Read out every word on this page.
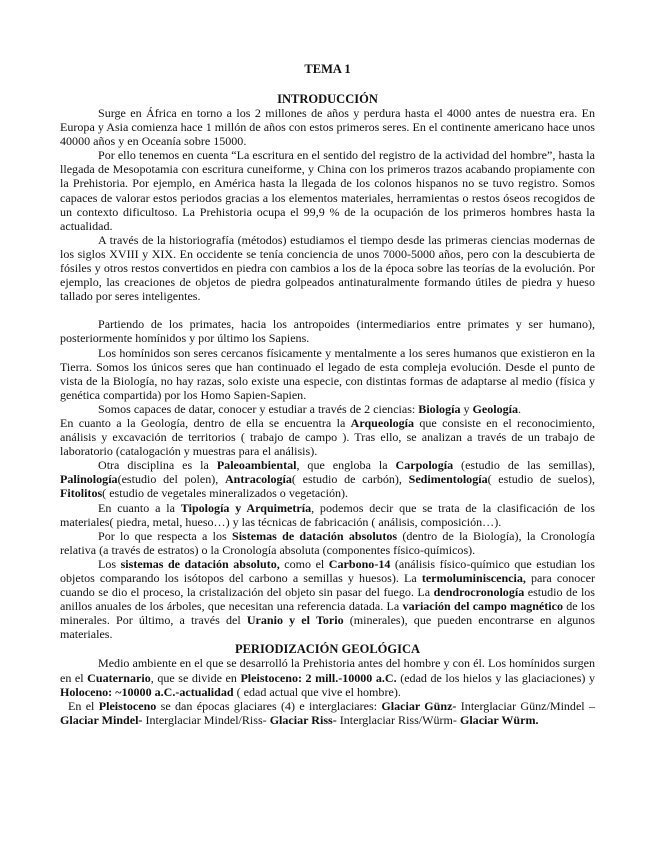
TEMA 1
INTRODUCCIÓN

Surge en África en torno a los 2 millones de años y perdura hasta el 4000 antes de nuestra era. En Europa y Asia comienza hace 1 millón de años con estos primeros seres. En el continente americano hace unos 40000 años y en Oceanía sobre 15000.

Por ello tenemos en cuenta “La escritura en el sentido del registro de la actividad del hombre”, hasta la llegada de Mesopotamia con escritura cuneiforme, y China con los primeros trazos acabando propiamente con la Prehistoria. Por ejemplo, en América hasta la llegada de los colonos hispanos no se tuvo registro. Somos capaces de valorar estos periodos gracias a los elementos materiales, herramientas o restos óseos recogidos de un contexto dificultoso. La Prehistoria ocupa el 99,9 % de la ocupación de los primeros hombres hasta la actualidad.

A través de la historiografía (métodos) estudiamos el tiempo desde las primeras ciencias modernas de los siglos XVIII y XIX. En occidente se tenía conciencia de unos 7000-5000 años, pero con la descubierta de fósiles y otros restos convertidos en piedra con cambios a los de la época sobre las teorías de la evolución. Por ejemplo, las creaciones de objetos de piedra golpeados antinaturalmente formando útiles de piedra y hueso tallado por seres inteligentes.

Partiendo de los primates, hacia los antropoides (intermediarios entre primates y ser humano), posteriormente homínidos y por último los Sapiens.

Los homínidos son seres cercanos físicamente y mentalmente a los seres humanos que existieron en la Tierra. Somos los únicos seres que han continuado el legado de esta compleja evolución. Desde el punto de vista de la Biología, no hay razas, solo existe una especie, con distintas formas de adaptarse al medio (física y genética compartida) por los Homo Sapien-Sapien.

Somos capaces de datar, conocer y estudiar a través de 2 ciencias: Biología y Geología.

En cuanto a la Geología, dentro de ella se encuentra la Arqueología que consiste en el reconocimiento, análisis y excavación de territorios ( trabajo de campo ). Tras ello, se analizan a través de un trabajo de laboratorio (catalogación y muestras para el análisis).

Otra disciplina es la Paleoambiental, que engloba la Carpología (estudio de las semillas), Palinología(estudio del polen), Antracología( estudio de carbón), Sedimentología( estudio de suelos), Fitolitos( estudio de vegetales mineralizados o vegetación).

En cuanto a la Tipología y Arquimetría, podemos decir que se trata de la clasificación de los materiales( piedra, metal, hueso…) y las técnicas de fabricación ( análisis, composición…).

Por lo que respecta a los Sistemas de datación absolutos (dentro de la Biología), la Cronología relativa (a través de estratos) o la Cronología absoluta (componentes físico-químicos).

Los sistemas de datación absoluto, como el Carbono-14 (análisis físico-químico que estudian los objetos comparando los isótopos del carbono a semillas y huesos). La termoluminiscencia, para conocer cuando se dio el proceso, la cristalización del objeto sin pasar del fuego. La dendrocronología estudio de los anillos anuales de los árboles, que necesitan una referencia datada. La variación del campo magnético de los minerales. Por último, a través del Uranio y el Torio (minerales), que pueden encontrarse en algunos materiales.

PERIODIZACIÓN GEOLÓGICA

Medio ambiente en el que se desarrolló la Prehistoria antes del hombre y con él. Los homínidos surgen en el Cuaternario, que se divide en Pleistoceno: 2 mill.-10000 a.C. (edad de los hielos y las glaciaciones) y Holoceno: ~10000 a.C.-actualidad ( edad actual que vive el hombre).

En el Pleistoceno se dan épocas glaciares (4) e interglaciares: Glaciar Günz- Interglaciar Günz/Mindel – Glaciar Mindel- Interglaciar Mindel/Riss- Glaciar Riss- Interglaciar Riss/Würm- Glaciar Würm.
